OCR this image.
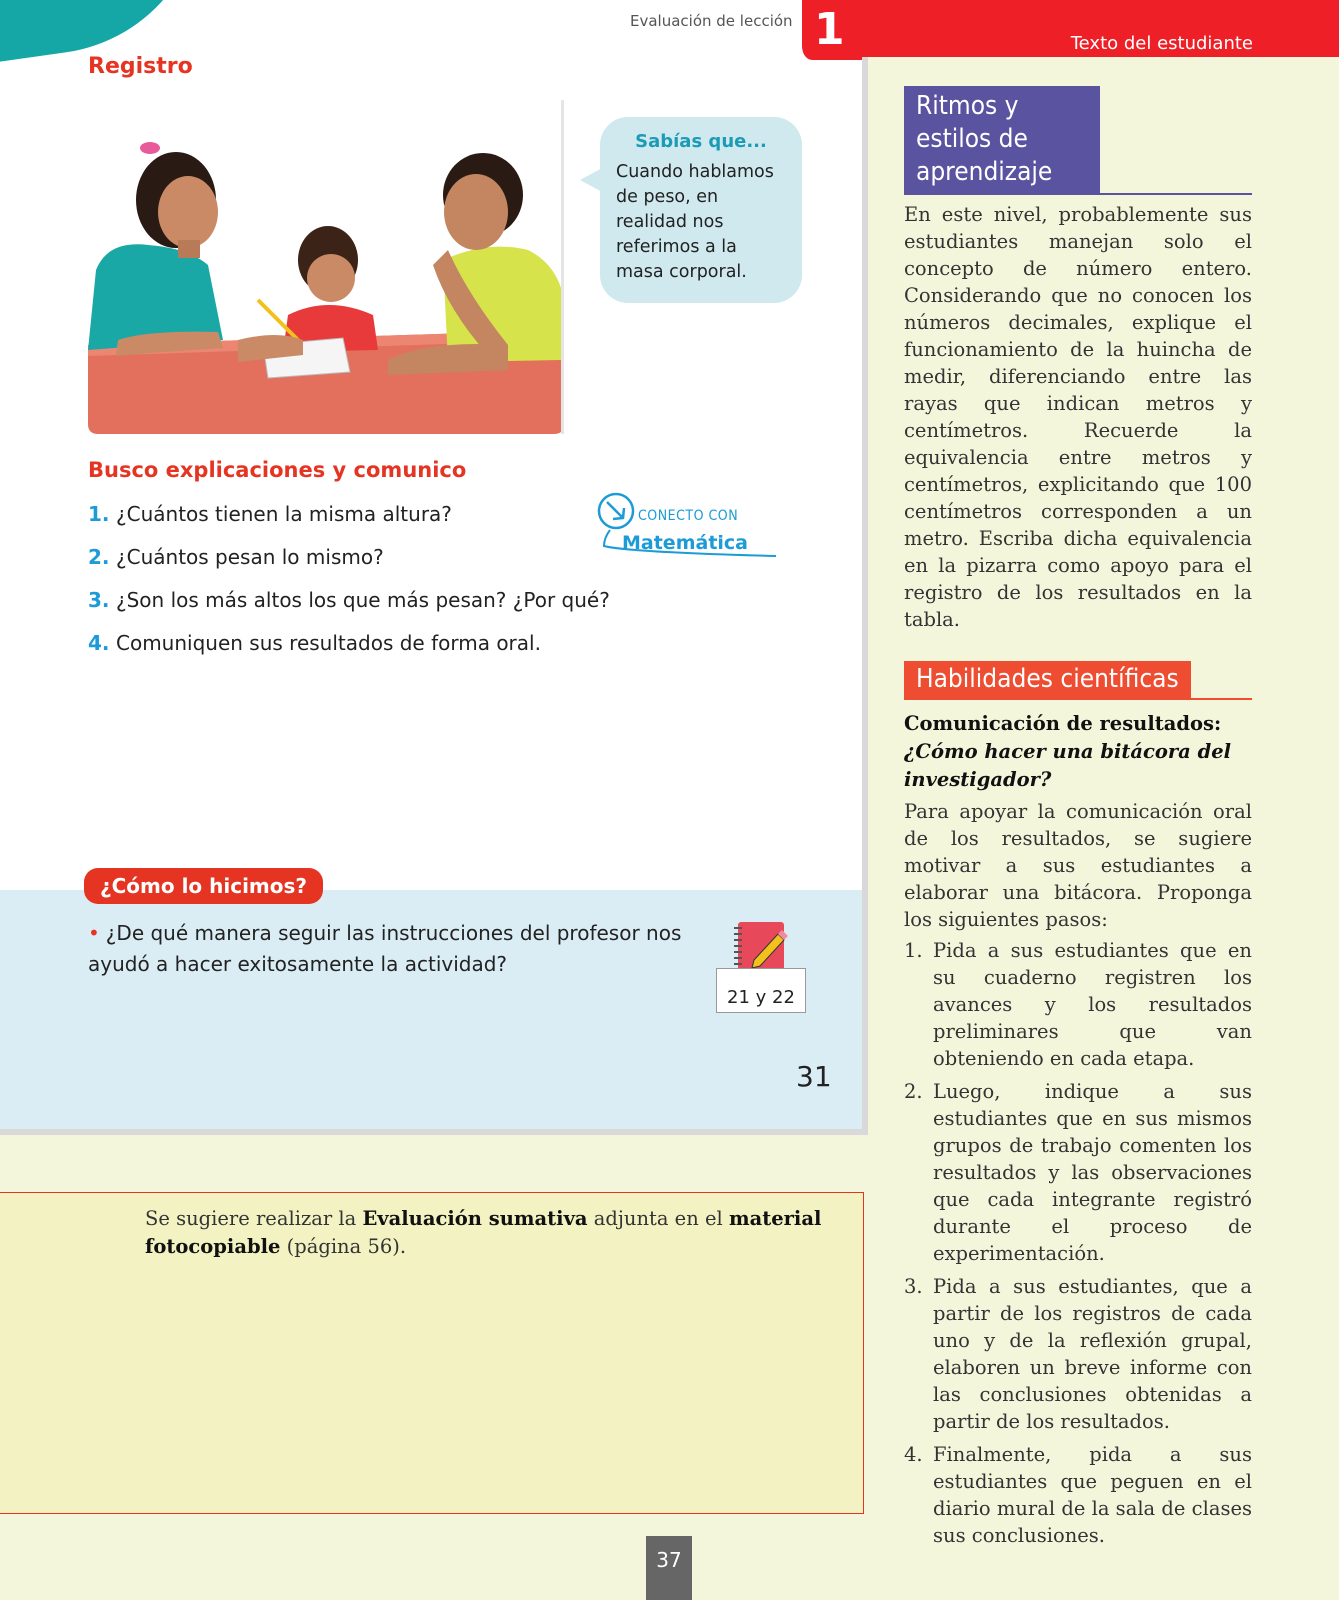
Evaluación de lección 1
Registro
Sabías que...
Cuando hablamos de peso, en realidad nos referimos a la masa corporal.
Busco explicaciones y comunico
1. ¿Cuántos tienen la misma altura?
2. ¿Cuántos pesan lo mismo?
3. ¿Son los más altos los que más pesan? ¿Por qué?
4. Comuniquen sus resultados de forma oral.
CONECTO CON
Matemática
¿Cómo lo hicimos?
• ¿De qué manera seguir las instrucciones del profesor nos ayudó a hacer exitosamente la actividad?
21 y 22
31
Se sugiere realizar la Evaluación sumativa adjunta en el material fotocopiable (página 56).
Texto del estudiante
Ritmos y estilos de aprendizaje
En este nivel, probablemente sus estudiantes manejan solo el concepto de número entero. Considerando que no conocen los números decimales, explique el funcionamiento de la huincha de medir, diferenciando entre las rayas que indican metros y centímetros. Recuerde la equivalencia entre metros y centímetros, explicitando que 100 centímetros corresponden a un metro. Escriba dicha equivalencia en la pizarra como apoyo para el registro de los resultados en la tabla.
Habilidades científicas
Comunicación de resultados: ¿Cómo hacer una bitácora del investigador?
Para apoyar la comunicación oral de los resultados, se sugiere motivar a sus estudiantes a elaborar una bitácora. Proponga los siguientes pasos:
1. Pida a sus estudiantes que en su cuaderno registren los avances y los resultados preliminares que van obteniendo en cada etapa.
2. Luego, indique a sus estudiantes que en sus mismos grupos de trabajo comenten los resultados y las observaciones que cada integrante registró durante el proceso de experimentación.
3. Pida a sus estudiantes, que a partir de los registros de cada uno y de la reflexión grupal, elaboren un breve informe con las conclusiones obtenidas a partir de los resultados.
4. Finalmente, pida a sus estudiantes que peguen en el diario mural de la sala de clases sus conclusiones.
37
